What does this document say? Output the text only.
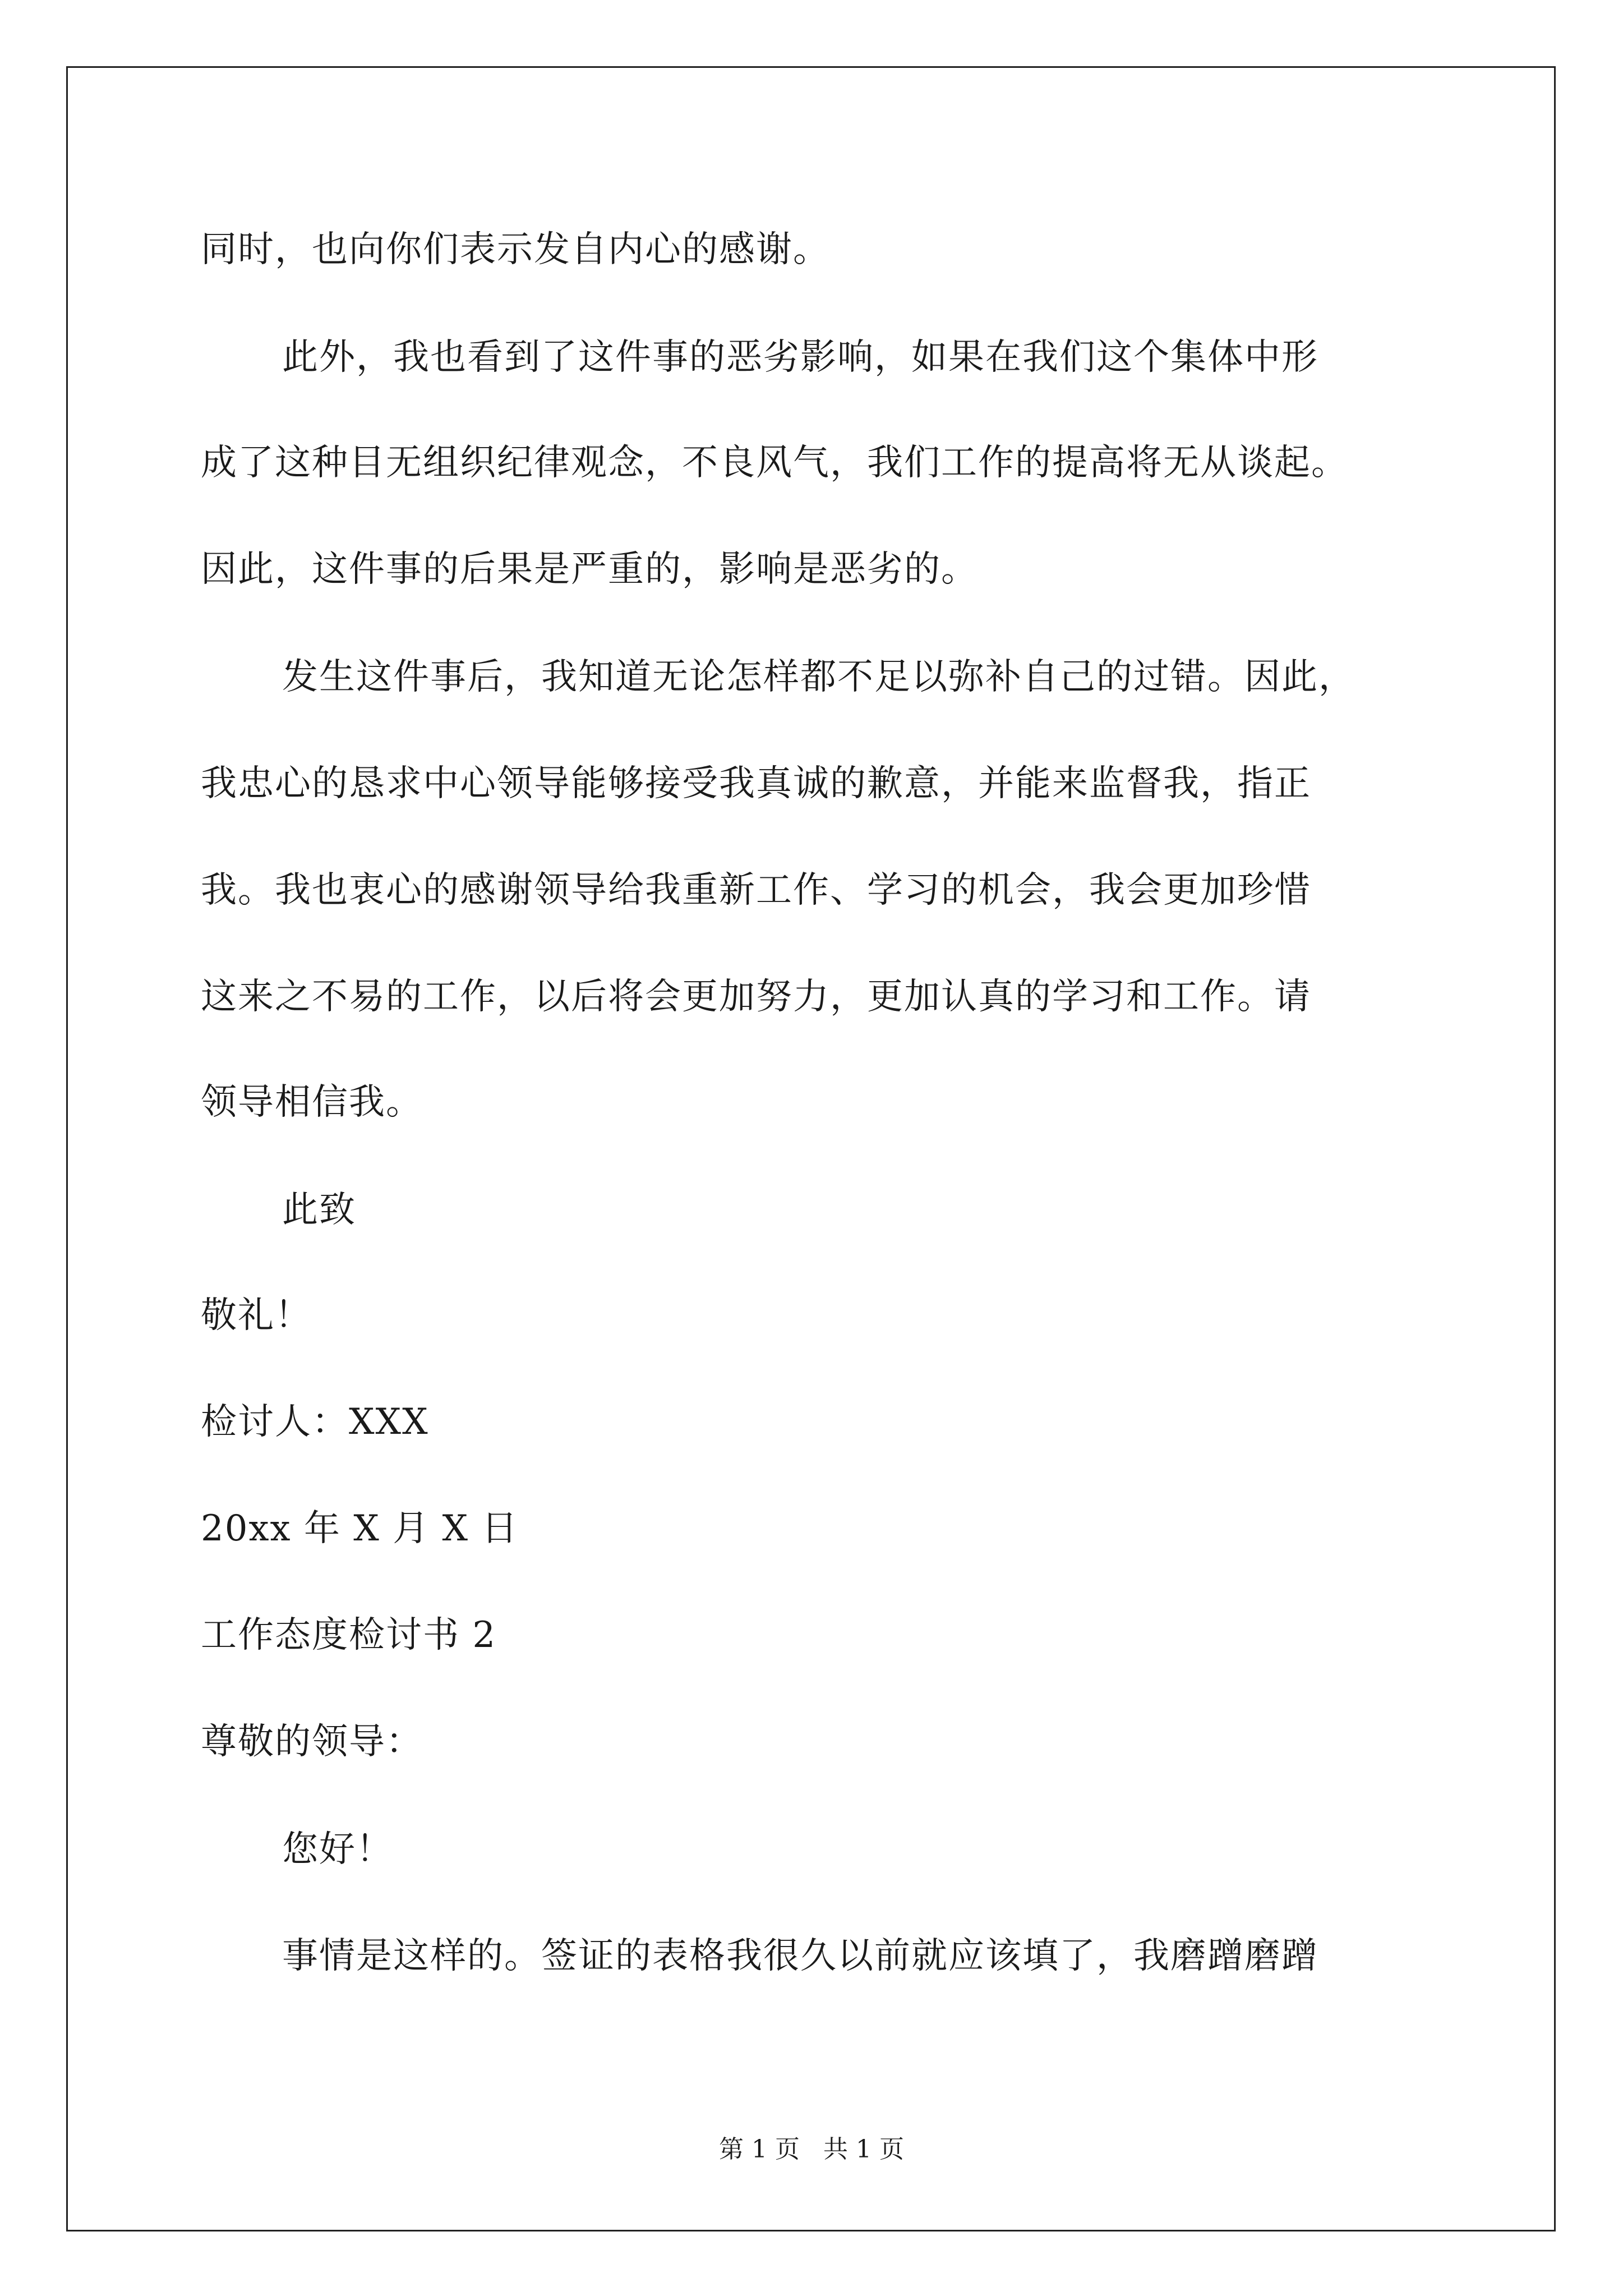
同时，也向你们表示发自内心的感谢。
此外，我也看到了这件事的恶劣影响，如果在我们这个集体中形
成了这种目无组织纪律观念，不良风气，我们工作的提高将无从谈起。
因此，这件事的后果是严重的，影响是恶劣的。
发生这件事后，我知道无论怎样都不足以弥补自己的过错。因此，
我忠心的恳求中心领导能够接受我真诚的歉意，并能来监督我，指正
我。我也衷心的感谢领导给我重新工作、学习的机会，我会更加珍惜
这来之不易的工作，以后将会更加努力，更加认真的学习和工作。请
领导相信我。
此致
敬礼！
检讨人：XXX
20xx 年 X 月 X 日
工作态度检讨书 2
尊敬的领导：
您好！
事情是这样的。签证的表格我很久以前就应该填了，我磨蹭磨蹭
第 1 页   共 1 页
